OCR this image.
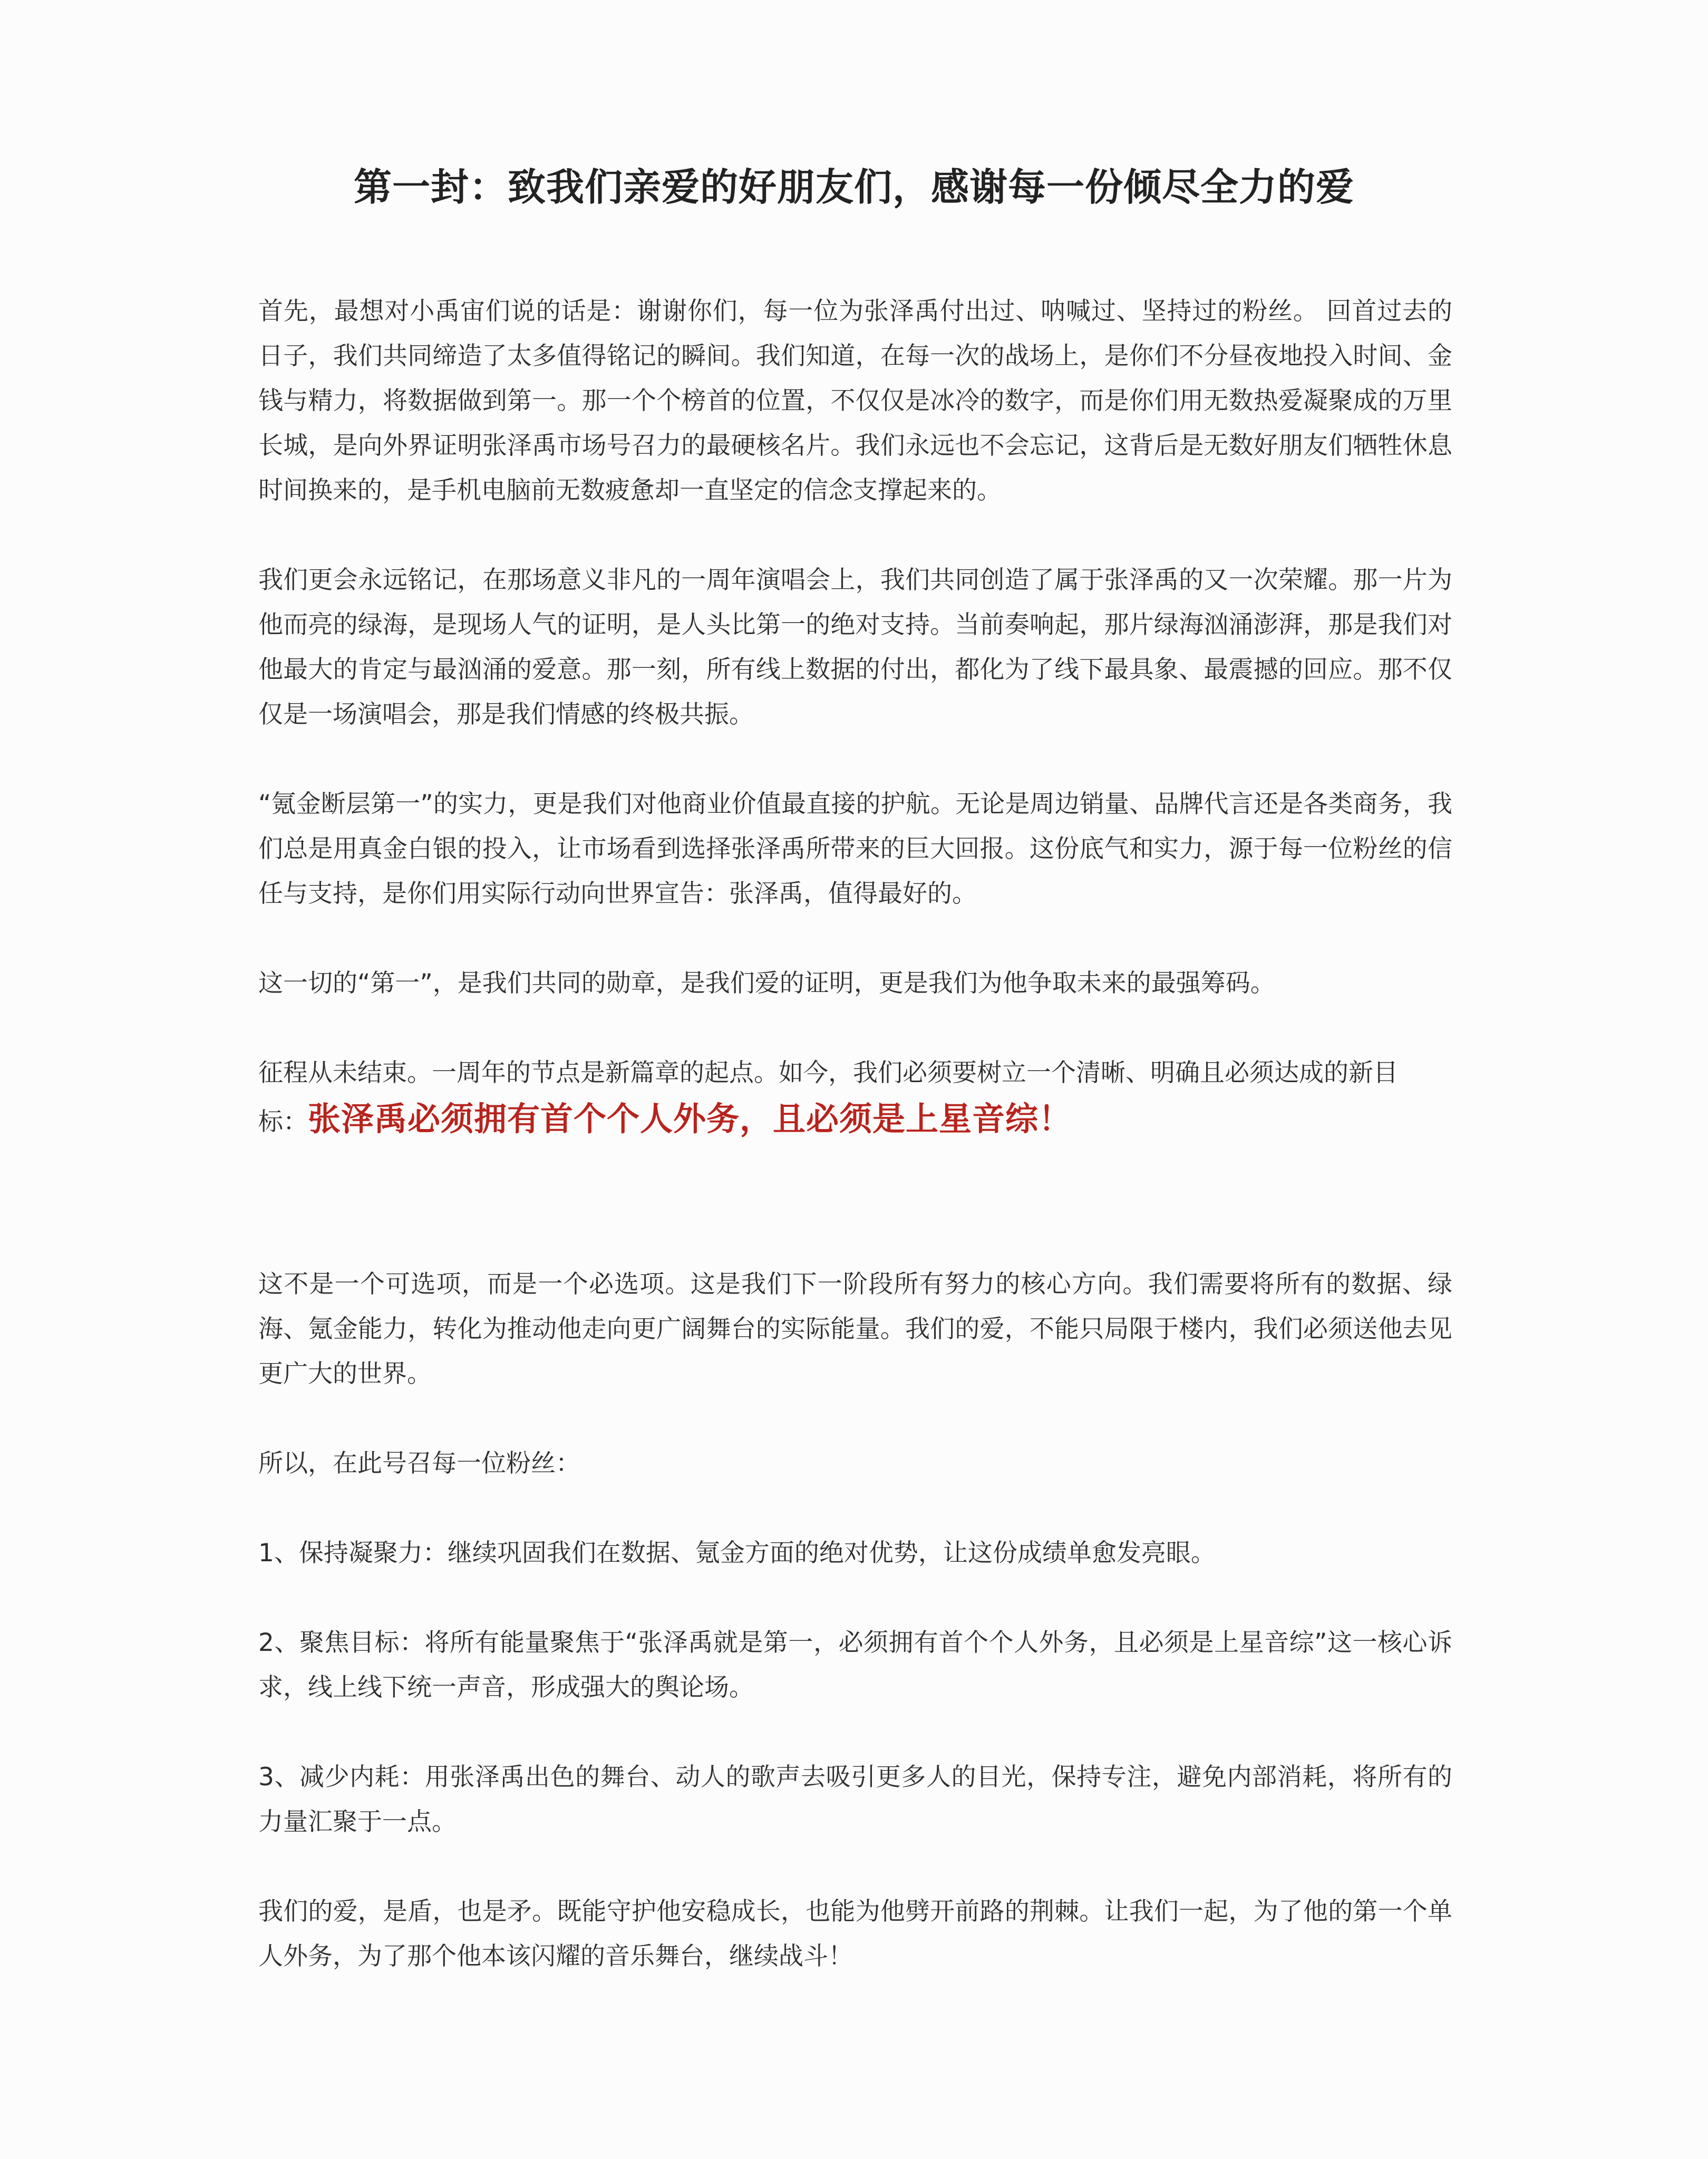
第一封：致我们亲爱的好朋友们，感谢每一份倾尽全力的爱

首先，最想对小禹宙们说的话是：谢谢你们，每一位为张泽禹付出过、呐喊过、坚持过的粉丝。 回首过去的日子，我们共同缔造了太多值得铭记的瞬间。我们知道，在每一次的战场上，是你们不分昼夜地投入时间、金钱与精力，将数据做到第一。那一个个榜首的位置，不仅仅是冰冷的数字，而是你们用无数热爱凝聚成的万里长城，是向外界证明张泽禹市场号召力的最硬核名片。我们永远也不会忘记，这背后是无数好朋友们牺牲休息时间换来的，是手机电脑前无数疲惫却一直坚定的信念支撑起来的。

我们更会永远铭记，在那场意义非凡的一周年演唱会上，我们共同创造了属于张泽禹的又一次荣耀。那一片为他而亮的绿海，是现场人气的证明，是人头比第一的绝对支持。当前奏响起，那片绿海汹涌澎湃，那是我们对他最大的肯定与最汹涌的爱意。那一刻，所有线上数据的付出，都化为了线下最具象、最震撼的回应。那不仅仅是一场演唱会，那是我们情感的终极共振。

“氪金断层第一”的实力，更是我们对他商业价值最直接的护航。无论是周边销量、品牌代言还是各类商务，我们总是用真金白银的投入，让市场看到选择张泽禹所带来的巨大回报。这份底气和实力，源于每一位粉丝的信任与支持，是你们用实际行动向世界宣告：张泽禹，值得最好的。

这一切的“第一”，是我们共同的勋章，是我们爱的证明，更是我们为他争取未来的最强筹码。

征程从未结束。一周年的节点是新篇章的起点。如今，我们必须要树立一个清晰、明确且必须达成的新目
标：张泽禹必须拥有首个个人外务，且必须是上星音综！

这不是一个可选项，而是一个必选项。这是我们下一阶段所有努力的核心方向。我们需要将所有的数据、绿海、氪金能力，转化为推动他走向更广阔舞台的实际能量。我们的爱，不能只局限于楼内，我们必须送他去见更广大的世界。

所以，在此号召每一位粉丝：

1、保持凝聚力：继续巩固我们在数据、氪金方面的绝对优势，让这份成绩单愈发亮眼。

2、聚焦目标：将所有能量聚焦于“张泽禹就是第一，必须拥有首个个人外务，且必须是上星音综”这一核心诉求，线上线下统一声音，形成强大的舆论场。

3、减少内耗：用张泽禹出色的舞台、动人的歌声去吸引更多人的目光，保持专注，避免内部消耗，将所有的力量汇聚于一点。

我们的爱，是盾，也是矛。既能守护他安稳成长，也能为他劈开前路的荆棘。让我们一起，为了他的第一个单人外务，为了那个他本该闪耀的音乐舞台，继续战斗！
